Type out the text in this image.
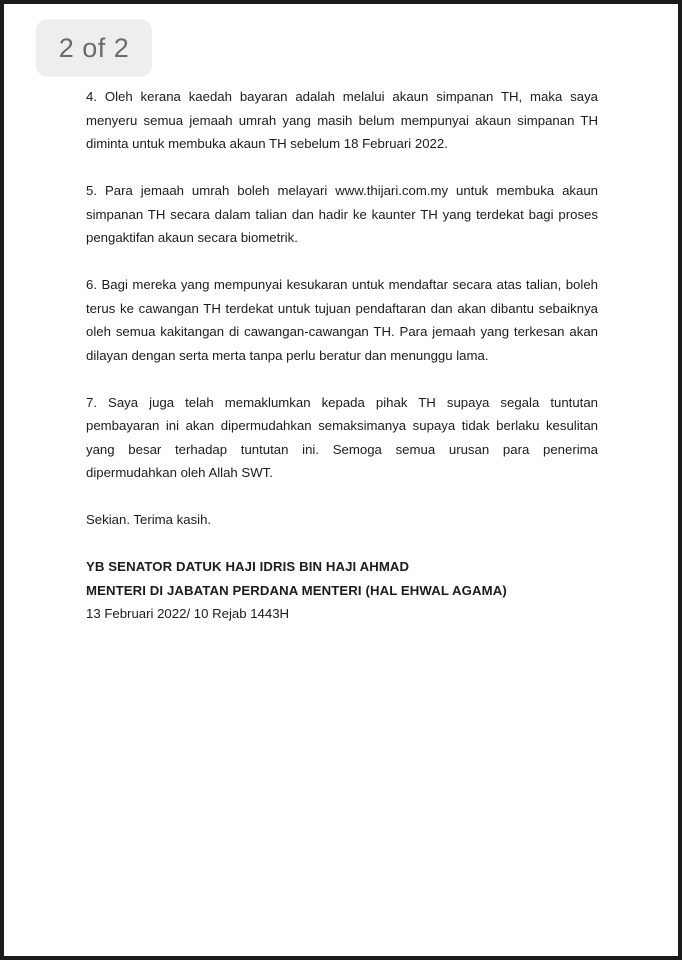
2 of 2

4. Oleh kerana kaedah bayaran adalah melalui akaun simpanan TH, maka saya menyeru semua jemaah umrah yang masih belum mempunyai akaun simpanan TH diminta untuk membuka akaun TH sebelum 18 Februari 2022.

5. Para jemaah umrah boleh melayari www.thijari.com.my untuk membuka akaun simpanan TH secara dalam talian dan hadir ke kaunter TH yang terdekat bagi proses pengaktifan akaun secara biometrik.

6. Bagi mereka yang mempunyai kesukaran untuk mendaftar secara atas talian, boleh terus ke cawangan TH terdekat untuk tujuan pendaftaran dan akan dibantu sebaiknya oleh semua kakitangan di cawangan-cawangan TH. Para jemaah yang terkesan akan dilayan dengan serta merta tanpa perlu beratur dan menunggu lama.

7. Saya juga telah memaklumkan kepada pihak TH supaya segala tuntutan pembayaran ini akan dipermudahkan semaksimanya supaya tidak berlaku kesulitan yang besar terhadap tuntutan ini. Semoga semua urusan para penerima dipermudahkan oleh Allah SWT.

Sekian. Terima kasih.

YB SENATOR DATUK HAJI IDRIS BIN HAJI AHMAD

MENTERI DI JABATAN PERDANA MENTERI (HAL EHWAL AGAMA)

13 Februari 2022/ 10 Rejab 1443H
